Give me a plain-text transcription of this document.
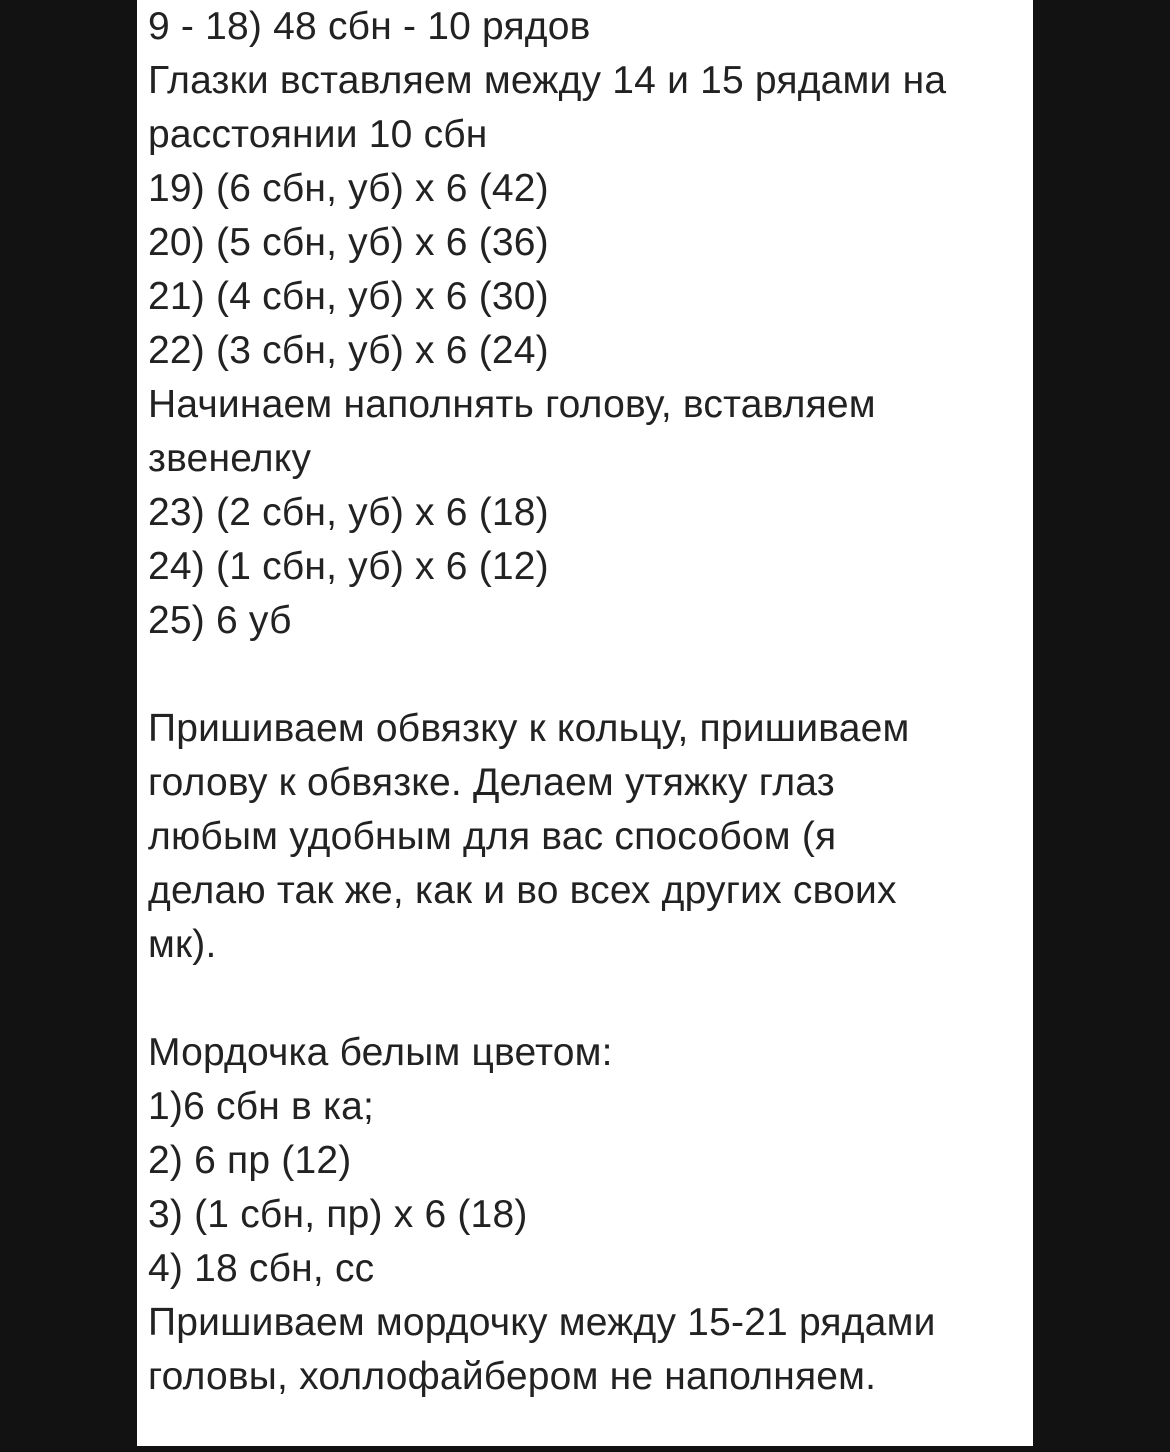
9 - 18) 48 сбн - 10 рядов
Глазки вставляем между 14 и 15 рядами на
расстоянии 10 сбн
19) (6 сбн, уб) х 6 (42)
20) (5 сбн, уб) х 6 (36)
21) (4 сбн, уб) х 6 (30)
22) (3 сбн, уб) х 6 (24)
Начинаем наполнять голову, вставляем
звенелку
23) (2 сбн, уб) х 6 (18)
24) (1 сбн, уб) х 6 (12)
25) 6 уб
Пришиваем обвязку к кольцу, пришиваем
голову к обвязке. Делаем утяжку глаз
любым удобным для вас способом (я
делаю так же, как и во всех других своих
мк).
Мордочка белым цветом:
1)6 сбн в ка;
2) 6 пр (12)
3) (1 сбн, пр) х 6 (18)
4) 18 сбн, сс
Пришиваем мордочку между 15-21 рядами
головы, холлофайбером не наполняем.
